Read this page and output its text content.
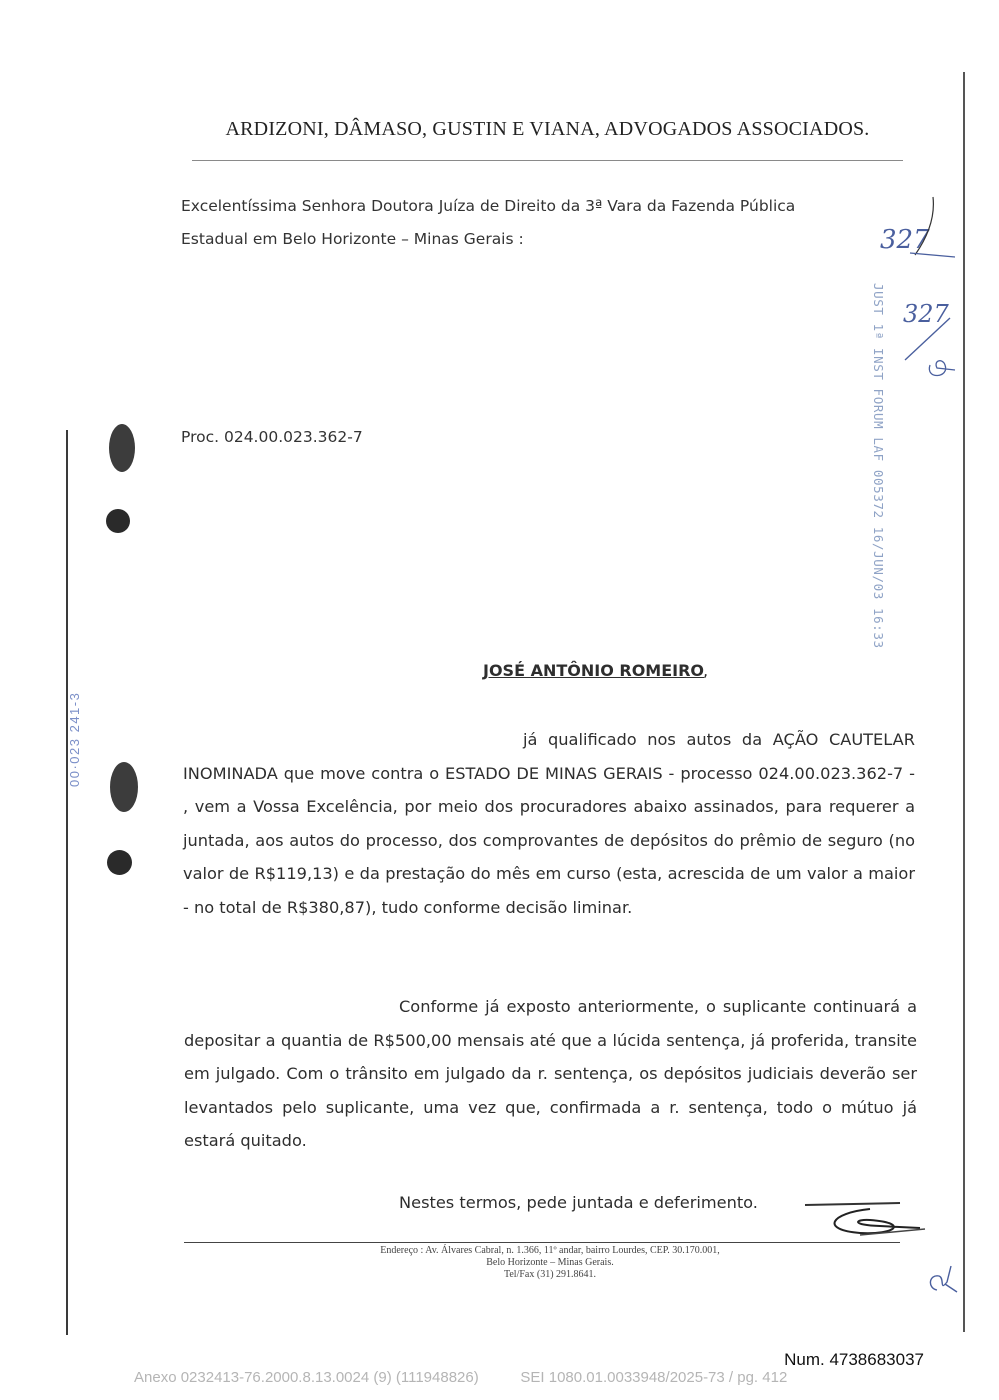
ARDIZONI, DÂMASO, GUSTIN E VIANA, ADVOGADOS ASSOCIADOS.
Excelentíssima Senhora Doutora Juíza de Direito da 3ª Vara da Fazenda Pública
Estadual em Belo Horizonte – Minas Gerais :
Proc. 024.00.023.362-7
JOSÉ ANTÔNIO ROMEIRO
,
já qualificado nos autos da AÇÃO CAUTELAR INOMINADA que move contra o ESTADO DE MINAS GERAIS - processo 024.00.023.362-7 - , vem a Vossa Excelência, por meio dos procuradores abaixo assinados, para requerer a juntada, aos autos do processo, dos comprovantes de depósitos do prêmio de seguro (no valor de R$119,13) e da prestação do mês em curso (esta, acrescida de um valor a maior - no total de R$380,87), tudo conforme decisão liminar.
Conforme já exposto anteriormente, o suplicante continuará a depositar a quantia de R$500,00 mensais até que a lúcida sentença, já proferida, transite em julgado. Com o trânsito em julgado da r. sentença, os depósitos judiciais deverão ser levantados pelo suplicante, uma vez que, confirmada a r. sentença, todo o mútuo já estará quitado.
Nestes termos, pede juntada e deferimento.
Endereço : Av. Álvares Cabral, n. 1.366, 11º andar, bairro Lourdes, CEP. 30.170.001,
Belo Horizonte – Minas Gerais.
Tel/Fax (31) 291.8641.
JUST 1ª INST FORUM LAF 005372 16/JUN/03 16:33
327
327
00·023 241-3
Num. 4738683037
Anexo 0232413-76.2000.8.13.0024 (9) (111948826)          SEI 1080.01.0033948/2025-73 / pg. 412
